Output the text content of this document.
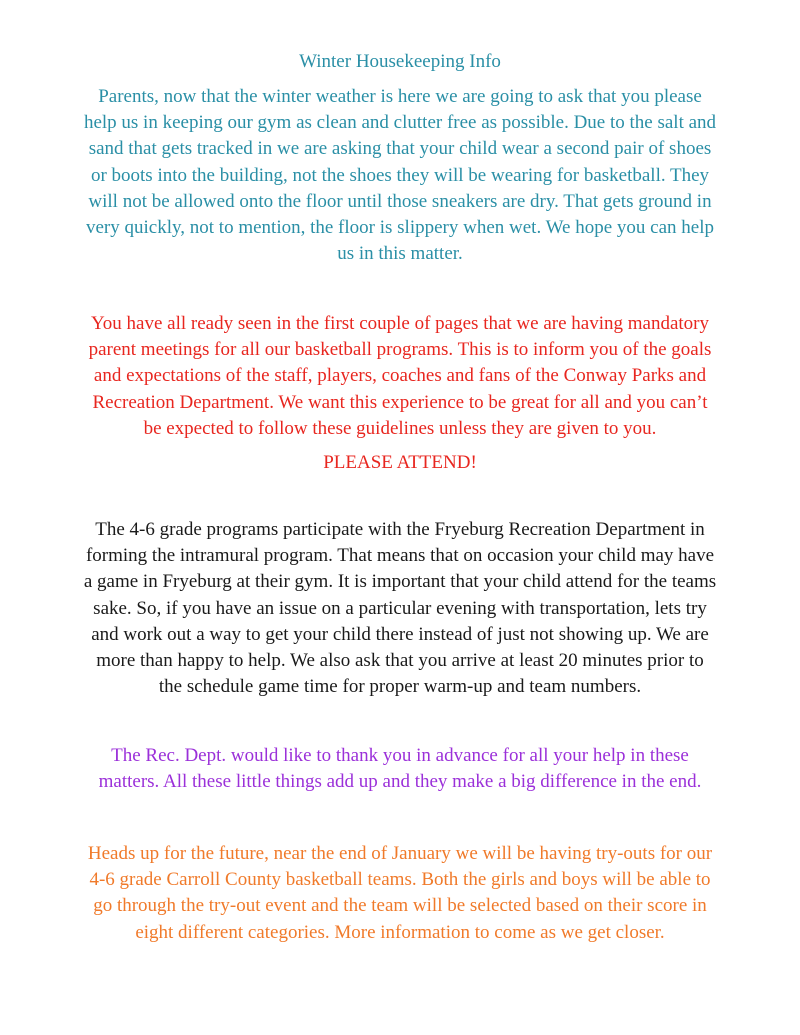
Winter Housekeeping Info

Parents, now that the winter weather is here we are going to ask that you please
help us in keeping our gym as clean and clutter free as possible. Due to the salt and
sand that gets tracked in we are asking that your child wear a second pair of shoes
or boots into the building, not the shoes they will be wearing for basketball. They
will not be allowed onto the floor until those sneakers are dry. That gets ground in
very quickly, not to mention, the floor is slippery when wet. We hope you can help
us in this matter.

You have all ready seen in the first couple of pages that we are having mandatory
parent meetings for all our basketball programs. This is to inform you of the goals
and expectations of the staff, players, coaches and fans of the Conway Parks and
Recreation Department. We want this experience to be great for all and you can’t
be expected to follow these guidelines unless they are given to you.

PLEASE ATTEND!

The 4-6 grade programs participate with the Fryeburg Recreation Department in
forming the intramural program. That means that on occasion your child may have
a game in Fryeburg at their gym. It is important that your child attend for the teams
sake. So, if you have an issue on a particular evening with transportation, lets try
and work out a way to get your child there instead of just not showing up. We are
more than happy to help. We also ask that you arrive at least 20 minutes prior to
the schedule game time for proper warm-up and team numbers.

The Rec. Dept. would like to thank you in advance for all your help in these
matters. All these little things add up and they make a big difference in the end.

Heads up for the future, near the end of January we will be having try-outs for our
4-6 grade Carroll County basketball teams. Both the girls and boys will be able to
go through the try-out event and the team will be selected based on their score in
eight different categories. More information to come as we get closer.
